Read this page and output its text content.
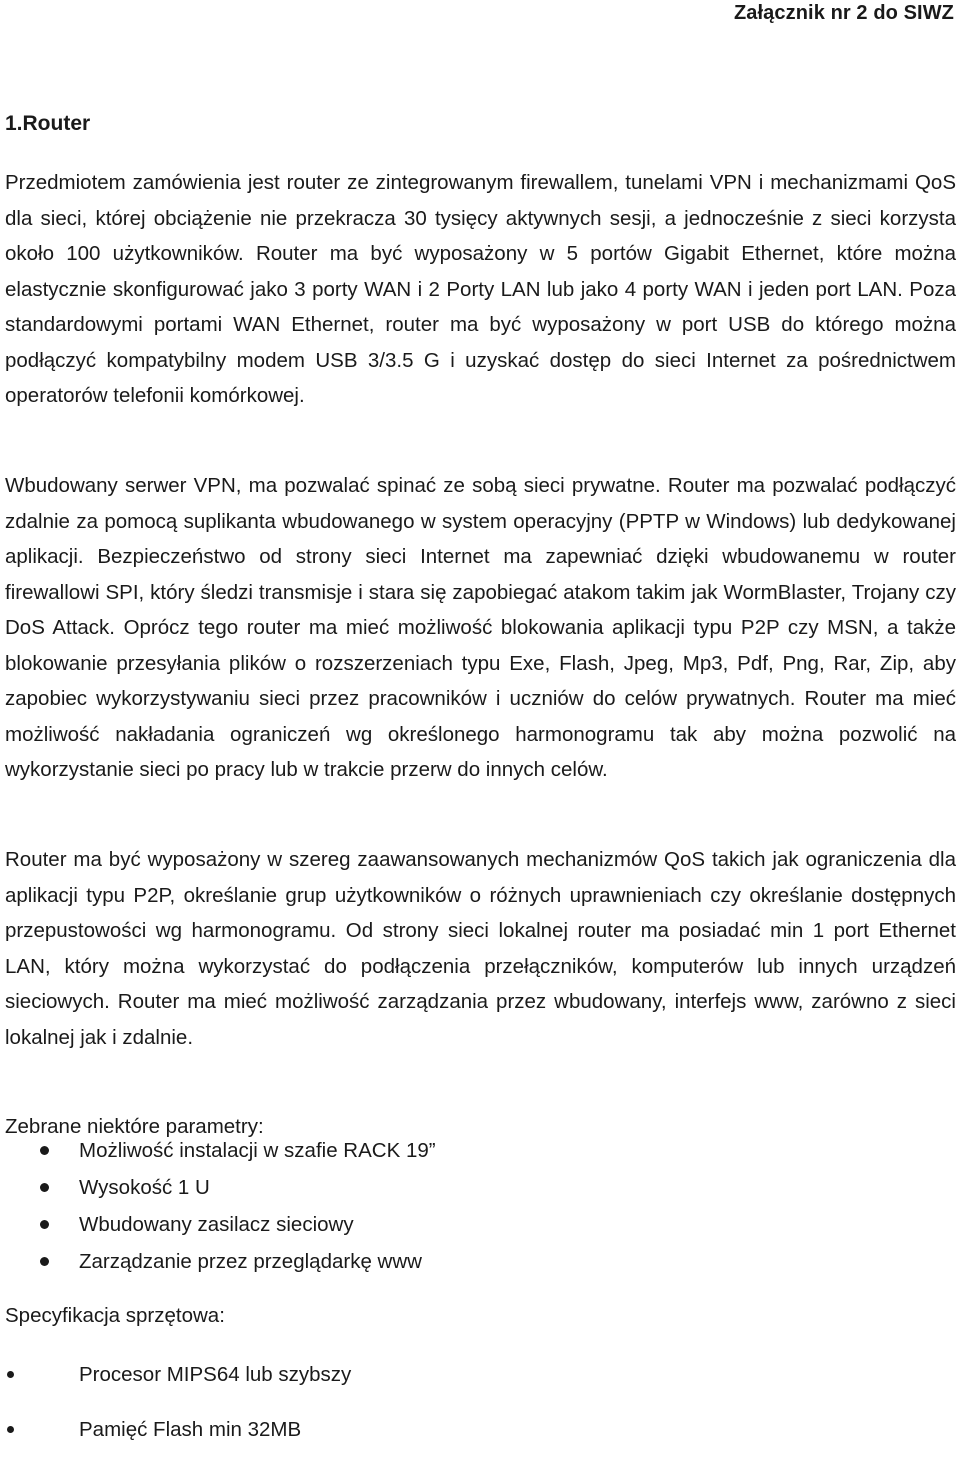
Załącznik nr 2 do SIWZ
1.Router
Przedmiotem zamówienia jest router ze zintegrowanym firewallem, tunelami VPN i mechanizmami QoS dla sieci, której obciążenie nie przekracza 30 tysięcy aktywnych sesji, a jednocześnie z sieci korzysta około 100 użytkowników. Router ma być wyposażony w 5 portów Gigabit Ethernet, które można elastycznie skonfigurować jako 3 porty WAN i 2 Porty LAN lub jako 4 porty WAN i jeden port LAN. Poza standardowymi portami WAN Ethernet, router ma być wyposażony w port USB do którego można podłączyć kompatybilny modem USB 3/3.5 G i uzyskać dostęp do sieci Internet za pośrednictwem operatorów telefonii komórkowej.
Wbudowany serwer VPN, ma pozwalać spinać ze sobą sieci prywatne. Router ma pozwalać podłączyć zdalnie za pomocą suplikanta wbudowanego w system operacyjny (PPTP w Windows) lub dedykowanej aplikacji. Bezpieczeństwo od strony sieci Internet ma zapewniać dzięki wbudowanemu w router firewallowi SPI, który śledzi transmisje i stara się zapobiegać atakom takim jak WormBlaster, Trojany czy DoS Attack. Oprócz tego router ma mieć możliwość blokowania aplikacji typu P2P czy MSN, a także blokowanie przesyłania plików o rozszerzeniach typu Exe, Flash, Jpeg, Mp3, Pdf, Png, Rar, Zip, aby zapobiec wykorzystywaniu sieci przez pracowników i uczniów do celów prywatnych. Router ma mieć możliwość nakładania ograniczeń wg określonego harmonogramu tak aby można pozwolić na wykorzystanie sieci po pracy lub w trakcie przerw do innych celów.
Router ma być wyposażony w szereg zaawansowanych mechanizmów QoS takich jak ograniczenia dla aplikacji typu P2P, określanie grup użytkowników o różnych uprawnieniach czy określanie dostępnych przepustowości wg harmonogramu. Od strony sieci lokalnej router ma posiadać min 1 port Ethernet LAN, który można wykorzystać do podłączenia przełączników, komputerów lub innych urządzeń sieciowych. Router ma mieć możliwość zarządzania przez wbudowany, interfejs www, zarówno z sieci lokalnej jak i zdalnie.
Zebrane niektóre parametry:
Możliwość instalacji w szafie RACK 19”
Wysokość 1 U
Wbudowany zasilacz sieciowy
Zarządzanie przez przeglądarkę www
Specyfikacja sprzętowa:
Procesor MIPS64 lub szybszy
Pamięć Flash min 32MB
